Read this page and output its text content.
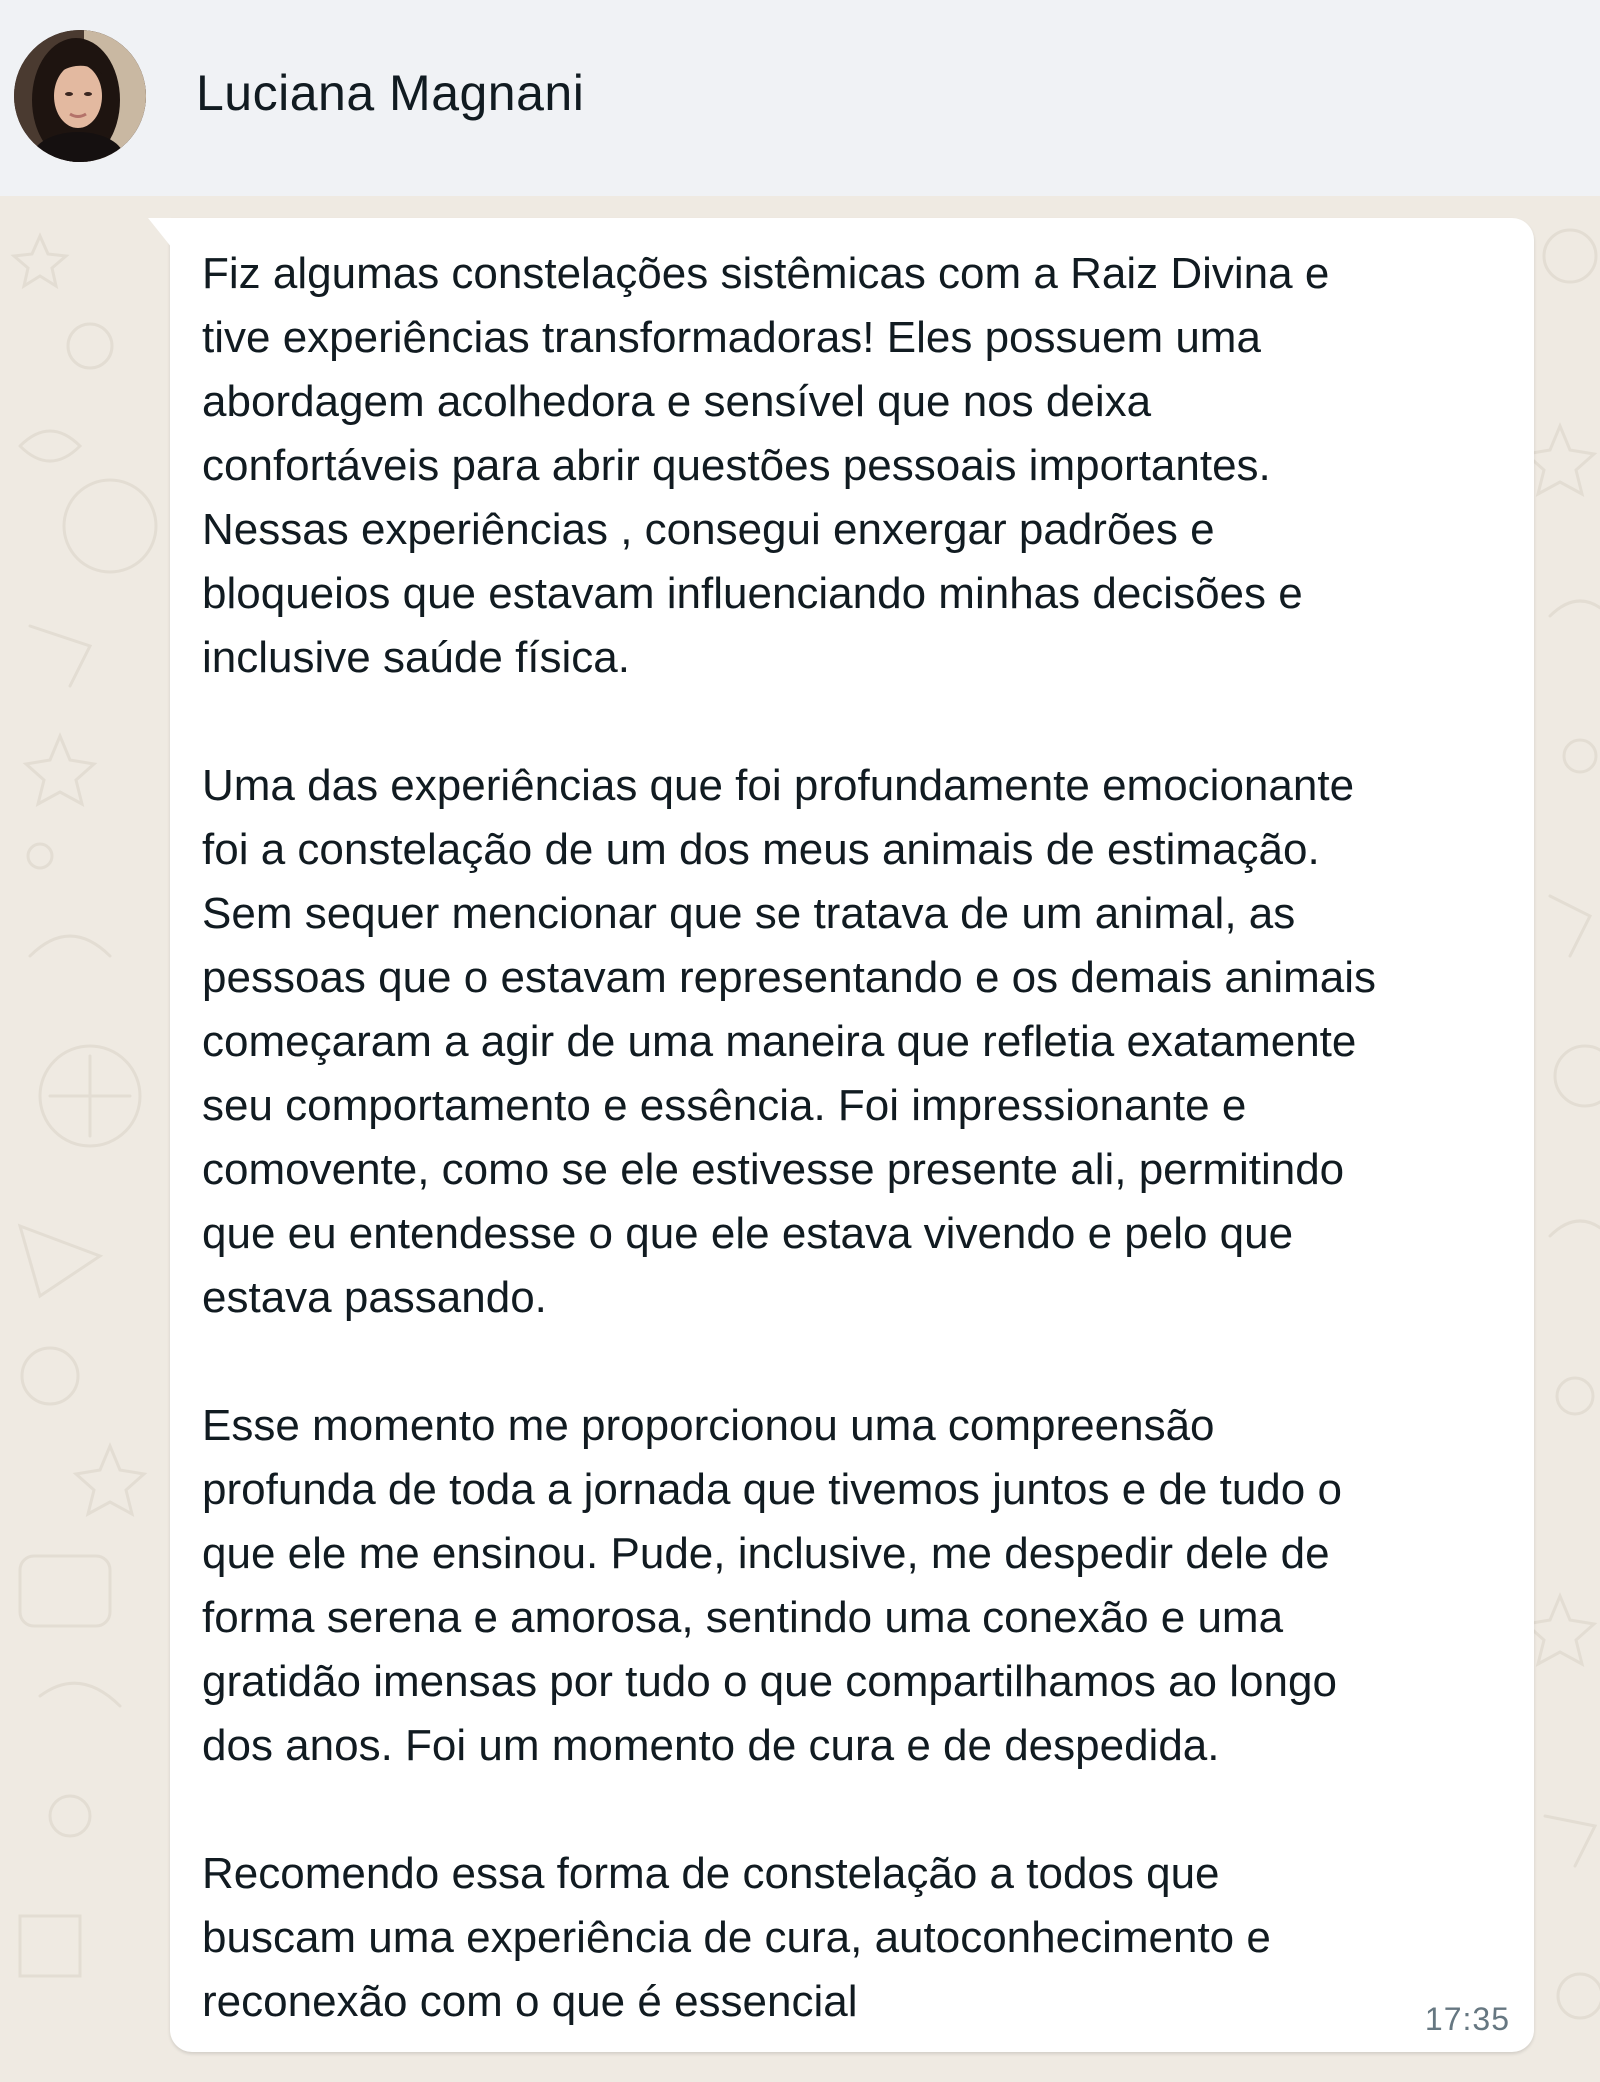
Luciana Magnani

Fiz algumas constelações sistêmicas com a Raiz Divina e
tive experiências transformadoras! Eles possuem uma
abordagem acolhedora e sensível que nos deixa
confortáveis para abrir questões pessoais importantes.
Nessas experiências , consegui enxergar padrões e
bloqueios que estavam influenciando minhas decisões e
inclusive saúde física.

Uma das experiências que foi profundamente emocionante
foi a constelação de um dos meus animais de estimação.
Sem sequer mencionar que se tratava de um animal, as
pessoas que o estavam representando e os demais animais
começaram a agir de uma maneira que refletia exatamente
seu comportamento e essência. Foi impressionante e
comovente, como se ele estivesse presente ali, permitindo
que eu entendesse o que ele estava vivendo e pelo que
estava passando.

Esse momento me proporcionou uma compreensão
profunda de toda a jornada que tivemos juntos e de tudo o
que ele me ensinou. Pude, inclusive, me despedir dele de
forma serena e amorosa, sentindo uma conexão e uma
gratidão imensas por tudo o que compartilhamos ao longo
dos anos. Foi um momento de cura e de despedida.

Recomendo essa forma de constelação a todos que
buscam uma experiência de cura, autoconhecimento e
reconexão com o que é essencial	17:35
